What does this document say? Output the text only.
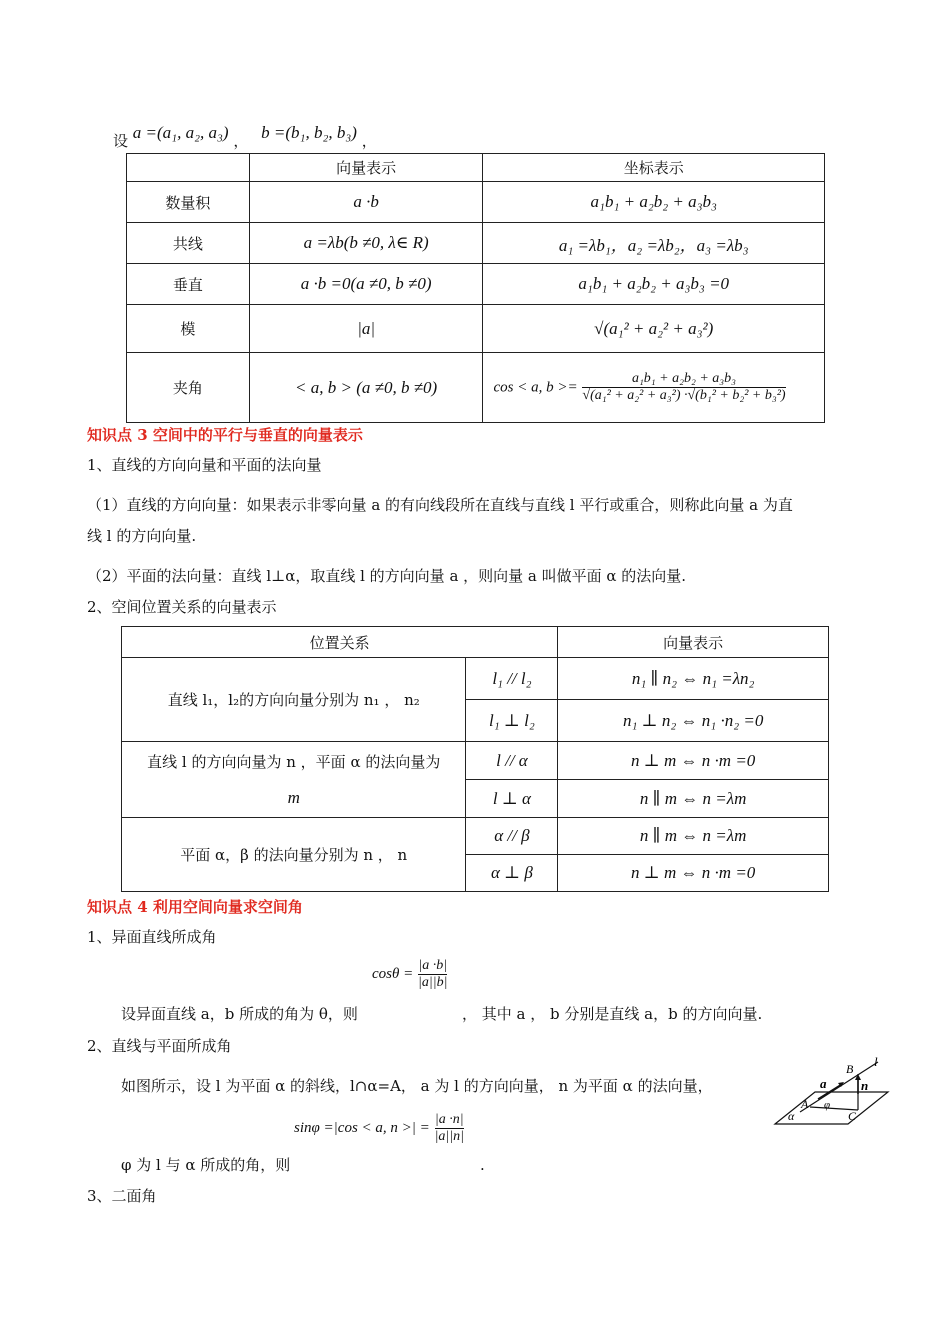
设 a =(a₁, a₂, a₃) ， b =(b₁, b₂, b₃) ，
	向量表示	坐标表示
数量积	a ·b	a₁b₁ + a₂b₂ + a₃b₃
共线	a =λb(b ≠0, λ∈ R)	a₁ =λb₁，a₂ =λb₂，a₃ =λb₃
垂直	a ·b =0(a ≠0, b ≠0)	a₁b₁ + a₂b₂ + a₃b₃ =0
模	|a|	√(a₁² + a₂² + a₃²)
夹角	< a, b > (a ≠0, b ≠0)	cos < a, $b >= \frac{\text{a₁b₁ + a₂b₂ + a₃b₃}}{\text{√(a₁² + a₂² + a₃²) ·√(b₁² + b₂² + b₃²)}}$
知识点 3 空间中的平行与垂直的向量表示
1、直线的方向向量和平面的法向量
（1）直线的方向向量：如果表示非零向量 a 的有向线段所在直线与直线 l 平行或重合，则称此向量 a 为直
线 l 的方向向量.
（2）平面的法向量：直线 l⊥α，取直线 l 的方向向量 a ，则向量 a 叫做平面 α 的法向量.
2、空间位置关系的向量表示
位置关系		向量表示
直线 l₁，l₂的方向向量分别为 n₁ ， n₂	l₁ // l₂	n₁ ∥ n₂ ⇔ n₁ =λn₂
	l₁ ⊥ l₂	n₁ ⊥ n₂ ⇔ n₁ ·n₂ =0

直线 l 的方向向量为 n ，平面 α 的法向量为
m	l // α	n ⊥ m ⇔ n ·m =0
	l ⊥ α	n ∥ m ⇔ n =λm
平面 α，β 的法向量分别为 n ， n	α // β	n ∥ m ⇔ n =λm
	α ⊥ β	n ⊥ m ⇔ n ·m =0
知识点 4 利用空间向量求空间角
1、异面直线所成角
$\cos\theta = \frac{|a \cdot b|}{|a||b|}$
设异面直线 a，b 所成的角为 θ，则	， 其中 a ， b 分别是直线 a，b 的方向向量.
2、直线与平面所成角
如图所示，设 l 为平面 α 的斜线，l∩α=A， a 为 l 的方向向量， n 为平面 α 的法向量，
sinφ =|cos < a, n >| = $\frac{|a \cdot n|}{|a||n|}$
φ 为 l 与 α 所成的角，则	.
3、二面角
B l
a	n
A φ
C
α
